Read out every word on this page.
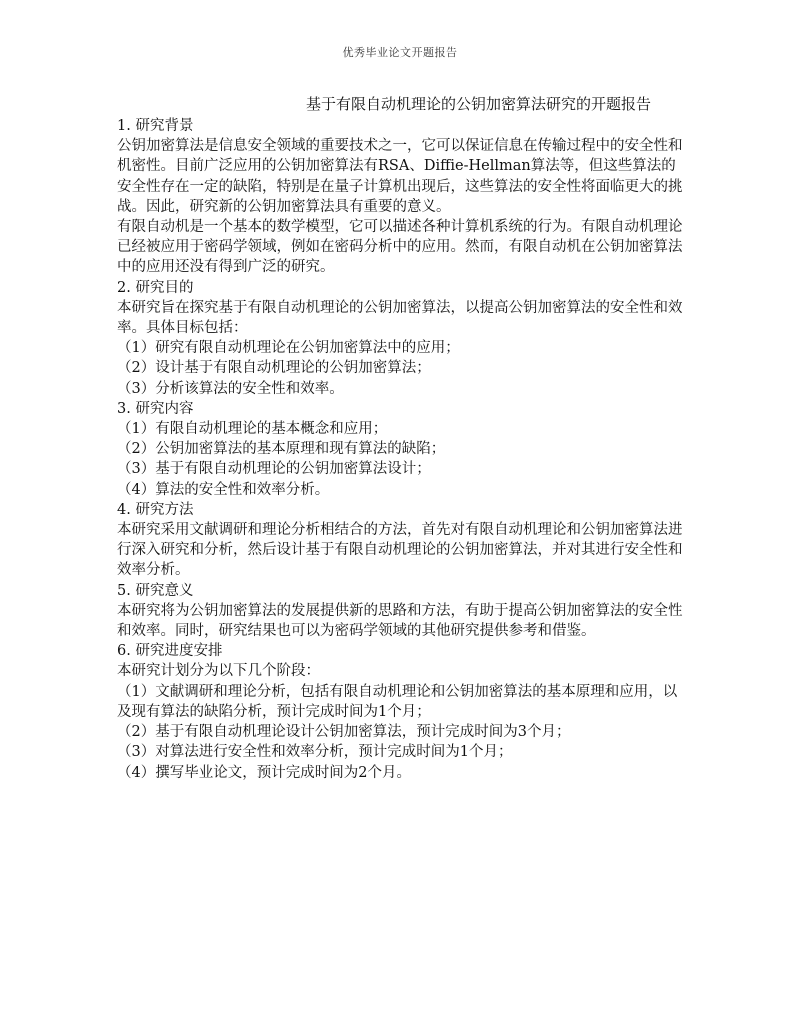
优秀毕业论文开题报告
基于有限自动机理论的公钥加密算法研究的开题报告

1. 研究背景

公钥加密算法是信息安全领域的重要技术之一，它可以保证信息在传输过程中的安全性和机密性。目前广泛应用的公钥加密算法有RSA、Diffie-Hellman算法等，但这些算法的安全性存在一定的缺陷，特别是在量子计算机出现后，这些算法的安全性将面临更大的挑战。因此，研究新的公钥加密算法具有重要的意义。

有限自动机是一个基本的数学模型，它可以描述各种计算机系统的行为。有限自动机理论已经被应用于密码学领域，例如在密码分析中的应用。然而，有限自动机在公钥加密算法中的应用还没有得到广泛的研究。

2. 研究目的

本研究旨在探究基于有限自动机理论的公钥加密算法，以提高公钥加密算法的安全性和效率。具体目标包括：

（1）研究有限自动机理论在公钥加密算法中的应用；

（2）设计基于有限自动机理论的公钥加密算法；

（3）分析该算法的安全性和效率。

3. 研究内容

（1）有限自动机理论的基本概念和应用；

（2）公钥加密算法的基本原理和现有算法的缺陷；

（3）基于有限自动机理论的公钥加密算法设计；

（4）算法的安全性和效率分析。

4. 研究方法

本研究采用文献调研和理论分析相结合的方法，首先对有限自动机理论和公钥加密算法进行深入研究和分析，然后设计基于有限自动机理论的公钥加密算法，并对其进行安全性和效率分析。

5. 研究意义

本研究将为公钥加密算法的发展提供新的思路和方法，有助于提高公钥加密算法的安全性和效率。同时，研究结果也可以为密码学领域的其他研究提供参考和借鉴。

6. 研究进度安排

本研究计划分为以下几个阶段：

（1）文献调研和理论分析，包括有限自动机理论和公钥加密算法的基本原理和应用，以及现有算法的缺陷分析，预计完成时间为1个月；

（2）基于有限自动机理论设计公钥加密算法，预计完成时间为3个月；

（3）对算法进行安全性和效率分析，预计完成时间为1个月；

（4）撰写毕业论文，预计完成时间为2个月。
